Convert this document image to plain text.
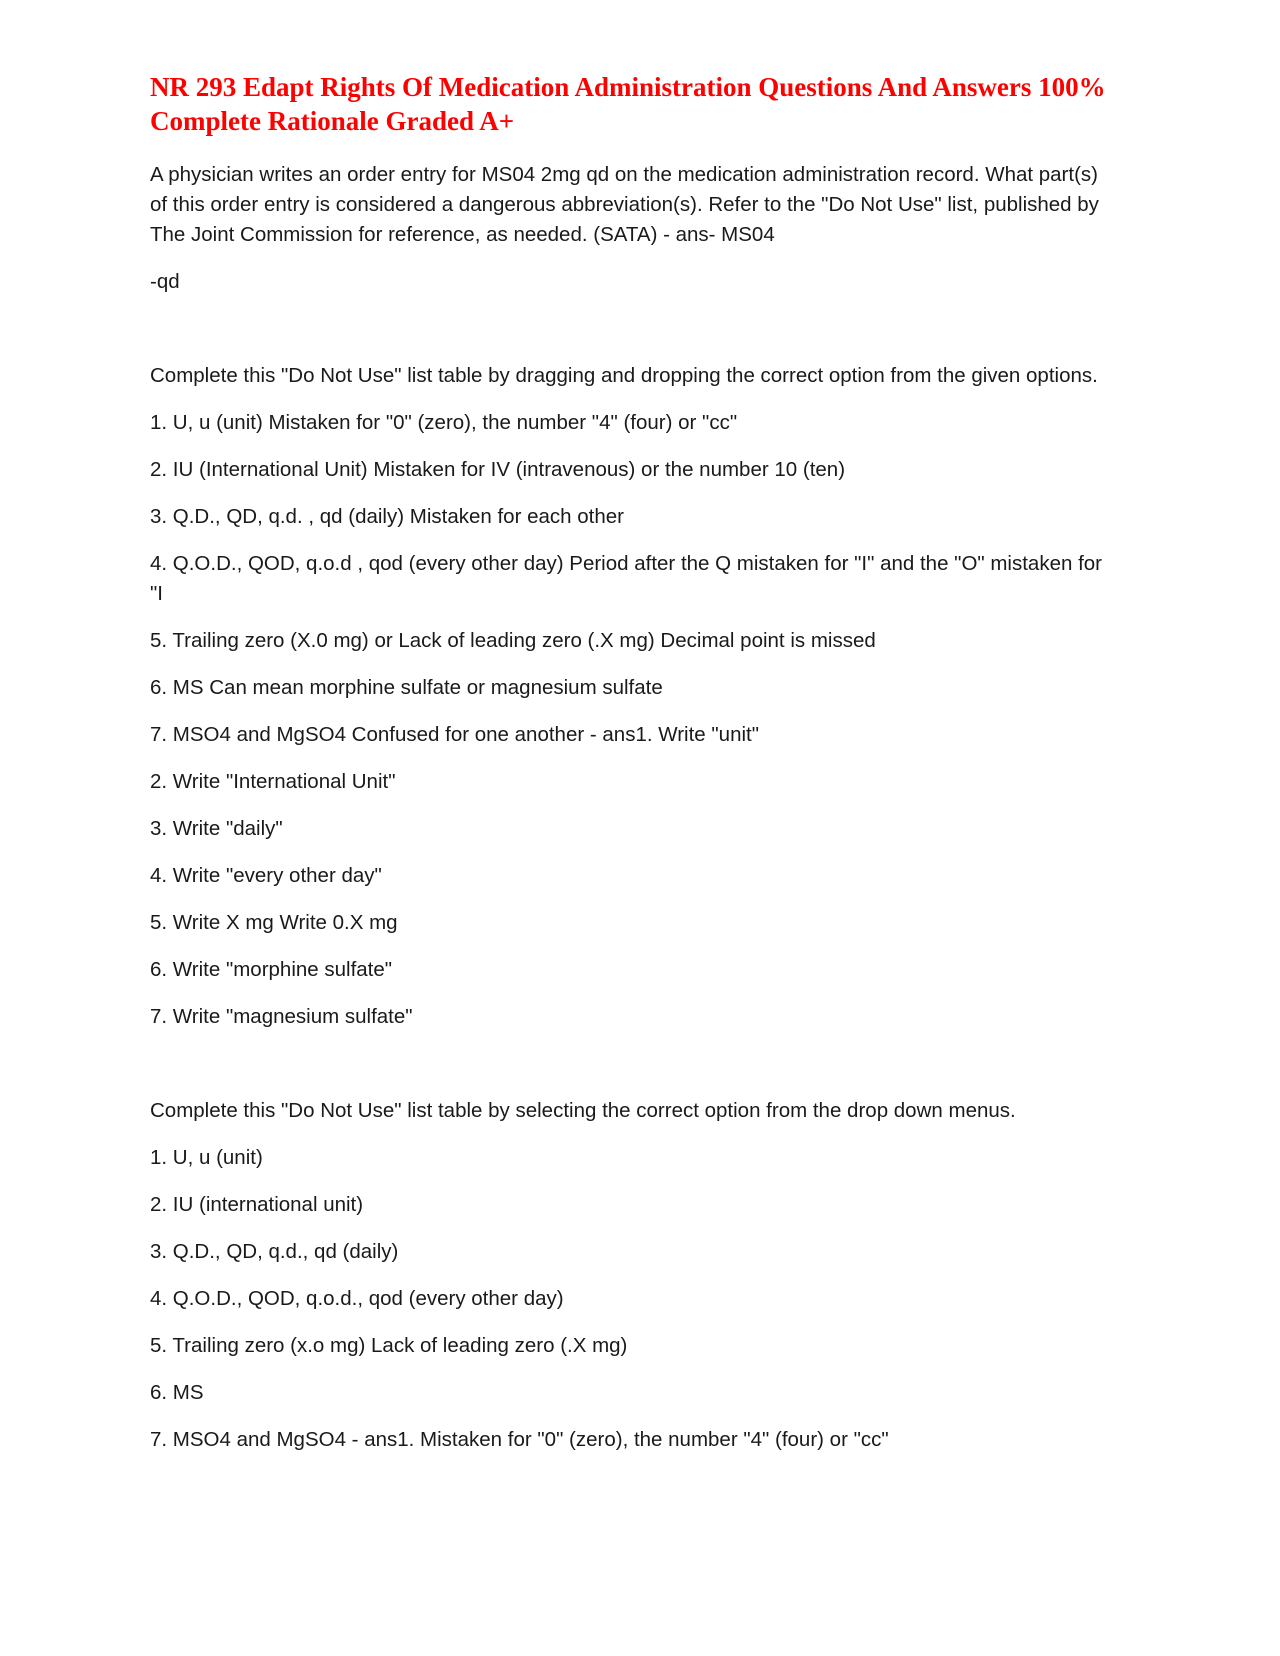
NR 293 Edapt Rights Of Medication Administration Questions And Answers 100% Complete Rationale Graded A+

A physician writes an order entry for MS04 2mg qd on the medication administration record. What part(s) of this order entry is considered a dangerous abbreviation(s). Refer to the "Do Not Use" list, published by The Joint Commission for reference, as needed. (SATA) - ans- MS04

-qd

Complete this "Do Not Use" list table by dragging and dropping the correct option from the given options.

1. U, u (unit) Mistaken for "0" (zero), the number "4" (four) or "cc"

2. IU (International Unit) Mistaken for IV (intravenous) or the number 10 (ten)

3. Q.D., QD, q.d. , qd (daily) Mistaken for each other

4. Q.O.D., QOD, q.o.d , qod (every other day) Period after the Q mistaken for "I" and the "O" mistaken for "I

5. Trailing zero (X.0 mg) or Lack of leading zero (.X mg) Decimal point is missed

6. MS Can mean morphine sulfate or magnesium sulfate

7. MSO4 and MgSO4 Confused for one another - ans1. Write "unit"

2. Write "International Unit"

3. Write "daily"

4. Write "every other day"

5. Write X mg Write 0.X mg

6. Write "morphine sulfate"

7. Write "magnesium sulfate"

Complete this "Do Not Use" list table by selecting the correct option from the drop down menus.

1. U, u (unit)

2. IU (international unit)

3. Q.D., QD, q.d., qd (daily)

4. Q.O.D., QOD, q.o.d., qod (every other day)

5. Trailing zero (x.o mg) Lack of leading zero (.X mg)

6. MS

7. MSO4 and MgSO4 - ans1. Mistaken for "0" (zero), the number "4" (four) or "cc"
